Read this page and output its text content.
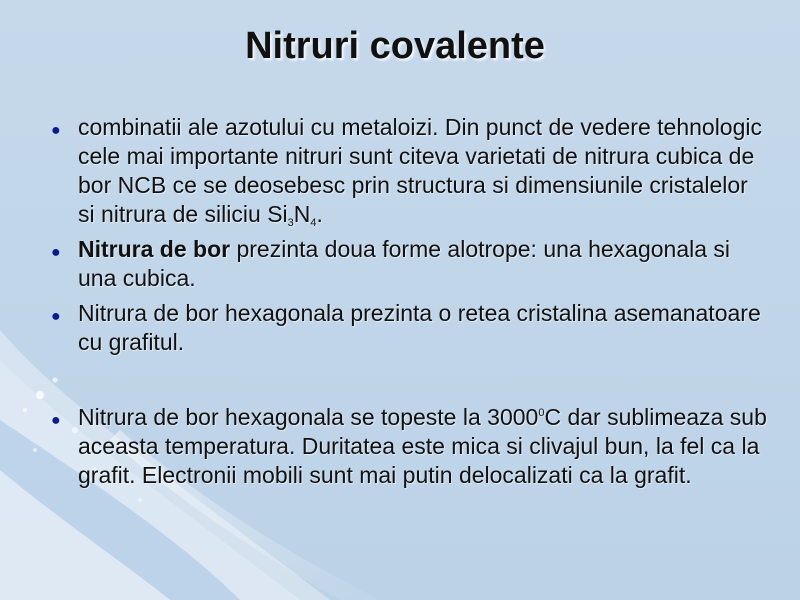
Nitruri covalente
● combinatii ale azotului cu metaloizi. Din punct de vedere tehnologic cele mai importante nitruri sunt citeva varietati de nitrura cubica de bor NCB ce se deosebesc prin structura si dimensiunile cristalelor si nitrura de siliciu $Si_3N_4$.
● Nitrura de bor prezinta doua forme alotrope: una hexagonala si una cubica.
● Nitrura de bor hexagonala prezinta o retea cristalina asemanatoare cu grafitul.
● Nitrura de bor hexagonala se topeste la 3000$^0$C dar sublimeaza sub aceasta temperatura. Duritatea este mica si clivajul bun, la fel ca la grafit. Electronii mobili sunt mai putin delocalizati ca la grafit.
